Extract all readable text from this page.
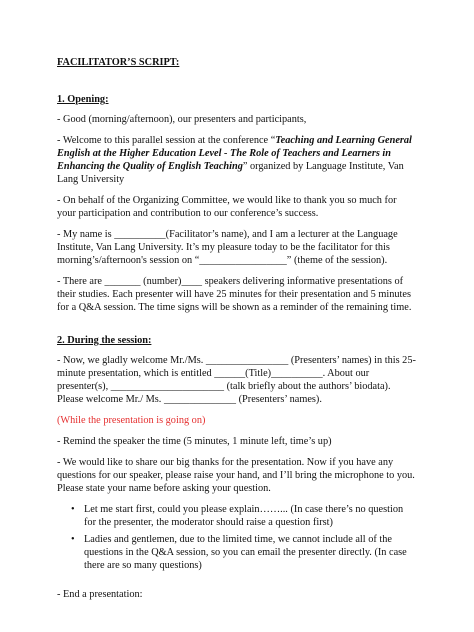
FACILITATOR’S SCRIPT:
1. Opening:
- Good (morning/afternoon), our presenters and participants,
- Welcome to this parallel session at the conference “Teaching and Learning General English at the Higher Education Level - The Role of Teachers and Learners in Enhancing the Quality of English Teaching” organized by Language Institute, Van Lang University
- On behalf of the Organizing Committee, we would like to thank you so much for your participation and contribution to our conference’s success.
- My name is __________(Facilitator’s name), and I am a lecturer at the Language Institute, Van Lang University. It’s my pleasure today to be the facilitator for this morning’s/afternoon's session on “_________________” (theme of the session).
- There are _______ (number)____ speakers delivering informative presentations of their studies. Each presenter will have 25 minutes for their presentation and 5 minutes for a Q&A session. The time signs will be shown as a reminder of the remaining time.
2. During the session:
- Now, we gladly welcome Mr./Ms. ________________ (Presenters’ names) in this 25-minute presentation, which is entitled ______(Title)__________. About our presenter(s), ______________________ (talk briefly about the authors’ biodata). Please welcome Mr./ Ms. ______________ (Presenters’ names).
(While the presentation is going on)
- Remind the speaker the time (5 minutes, 1 minute left, time’s up)
- We would like to share our big thanks for the presentation. Now if you have any questions for our speaker, please raise your hand, and I’ll bring the microphone to you. Please state your name before asking your question.
• Let me start first, could you please explain……... (In case there’s no question for the presenter, the moderator should raise a question first)
• Ladies and gentlemen, due to the limited time, we cannot include all of the questions in the Q&A session, so you can email the presenter directly. (In case there are so many questions)
- End a presentation:
